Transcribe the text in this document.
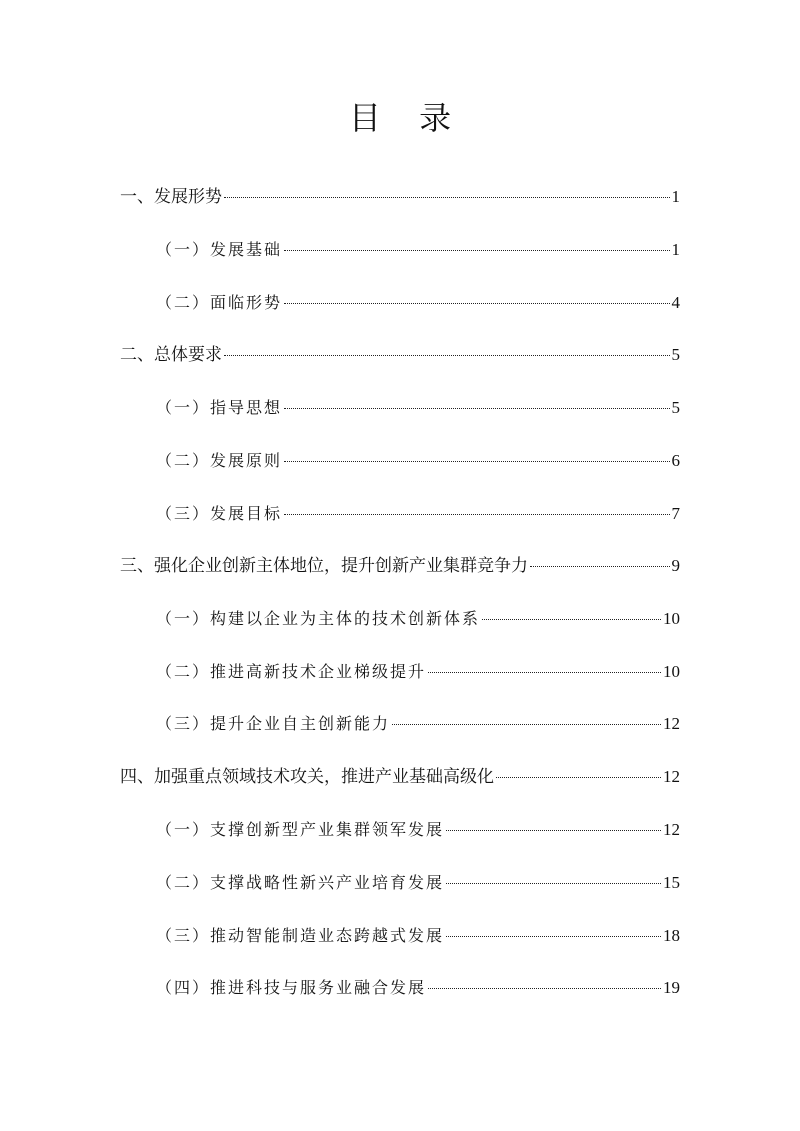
目 录
一、发展形势	1
（一）发展基础	1
（二）面临形势	4
二、总体要求	5
（一）指导思想	5
（二）发展原则	6
（三）发展目标	7
三、强化企业创新主体地位，提升创新产业集群竞争力	9
（一）构建以企业为主体的技术创新体系	10
（二）推进高新技术企业梯级提升	10
（三）提升企业自主创新能力	12
四、加强重点领域技术攻关，推进产业基础高级化	12
（一）支撑创新型产业集群领军发展	12
（二）支撑战略性新兴产业培育发展	15
（三）推动智能制造业态跨越式发展	18
（四）推进科技与服务业融合发展	19
